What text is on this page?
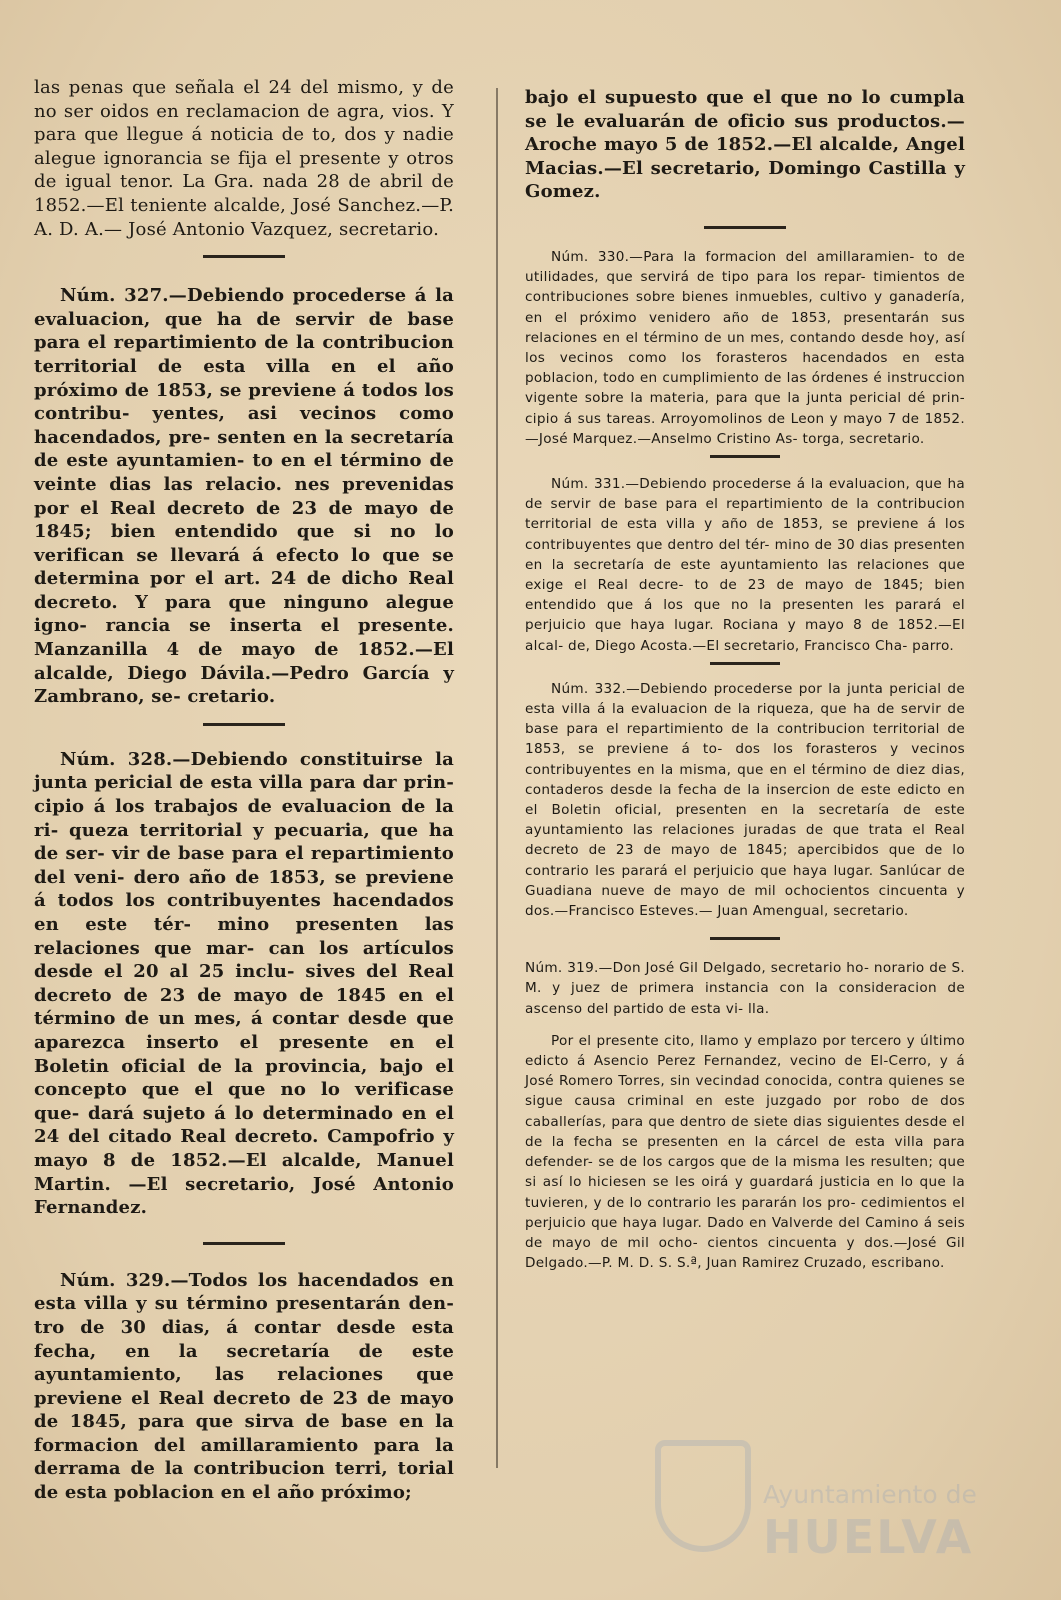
las penas que señala el 24 del mismo, y de no ser oidos en reclamacion de agra, vios. Y para que llegue á noticia de to, dos y nadie alegue ignorancia se fija el presente y otros de igual tenor. La Gra. nada 28 de abril de 1852.—El teniente alcalde, José Sanchez.—P. A. D. A.— José Antonio Vazquez, secretario.

Núm. 327.—Debiendo procederse á la evaluacion, que ha de servir de base para el repartimiento de la contribucion territorial de esta villa en el año próximo de 1853, se previene á todos los contribu- yentes, asi vecinos como hacendados, pre- senten en la secretaría de este ayuntamien- to en el término de veinte dias las relacio. nes prevenidas por el Real decreto de 23 de mayo de 1845; bien entendido que si no lo verifican se llevará á efecto lo que se determina por el art. 24 de dicho Real decreto. Y para que ninguno alegue igno- rancia se inserta el presente. Manzanilla 4 de mayo de 1852.—El alcalde, Diego Dávila.—Pedro García y Zambrano, se- cretario.

Núm. 328.—Debiendo constituirse la junta pericial de esta villa para dar prin- cipio á los trabajos de evaluacion de la ri- queza territorial y pecuaria, que ha de ser- vir de base para el repartimiento del veni- dero año de 1853, se previene á todos los contribuyentes hacendados en este tér- mino presenten las relaciones que mar- can los artículos desde el 20 al 25 inclu- sives del Real decreto de 23 de mayo de 1845 en el término de un mes, á contar desde que aparezca inserto el presente en el Boletin oficial de la provincia, bajo el concepto que el que no lo verificase que- dará sujeto á lo determinado en el 24 del citado Real decreto. Campofrio y mayo 8 de 1852.—El alcalde, Manuel Martin. —El secretario, José Antonio Fernandez.

Núm. 329.—Todos los hacendados en esta villa y su término presentarán den- tro de 30 dias, á contar desde esta fecha, en la secretaría de este ayuntamiento, las relaciones que previene el Real decreto de 23 de mayo de 1845, para que sirva de base en la formacion del amillaramiento para la derrama de la contribucion terri, torial de esta poblacion en el año próximo;

bajo el supuesto que el que no lo cumpla se le evaluarán de oficio sus productos.— Aroche mayo 5 de 1852.—El alcalde, Angel Macias.—El secretario, Domingo Castilla y Gomez.

Núm. 330.—Para la formacion del amillaramien- to de utilidades, que servirá de tipo para los repar- timientos de contribuciones sobre bienes inmuebles, cultivo y ganadería, en el próximo venidero año de 1853, presentarán sus relaciones en el término de un mes, contando desde hoy, así los vecinos como los forasteros hacendados en esta poblacion, todo en cumplimiento de las órdenes é instruccion vigente sobre la materia, para que la junta pericial dé prin- cipio á sus tareas. Arroyomolinos de Leon y mayo 7 de 1852.—José Marquez.—Anselmo Cristino As- torga, secretario.

Núm. 331.—Debiendo procederse á la evaluacion, que ha de servir de base para el repartimiento de la contribucion territorial de esta villa y año de 1853, se previene á los contribuyentes que dentro del tér- mino de 30 dias presenten en la secretaría de este ayuntamiento las relaciones que exige el Real decre- to de 23 de mayo de 1845; bien entendido que á los que no la presenten les parará el perjuicio que haya lugar. Rociana y mayo 8 de 1852.—El alcal- de, Diego Acosta.—El secretario, Francisco Cha- parro.

Núm. 332.—Debiendo procederse por la junta pericial de esta villa á la evaluacion de la riqueza, que ha de servir de base para el repartimiento de la contribucion territorial de 1853, se previene á to- dos los forasteros y vecinos contribuyentes en la misma, que en el término de diez dias, contaderos desde la fecha de la insercion de este edicto en el Boletin oficial, presenten en la secretaría de este ayuntamiento las relaciones juradas de que trata el Real decreto de 23 de mayo de 1845; apercibidos que de lo contrario les parará el perjuicio que haya lugar. Sanlúcar de Guadiana nueve de mayo de mil ochocientos cincuenta y dos.—Francisco Esteves.— Juan Amengual, secretario.

Núm. 319.—Don José Gil Delgado, secretario ho- norario de S. M. y juez de primera instancia con la consideracion de ascenso del partido de esta vi- lla.

Por el presente cito, llamo y emplazo por tercero y último edicto á Asencio Perez Fernandez, vecino de El-Cerro, y á José Romero Torres, sin vecindad conocida, contra quienes se sigue causa criminal en este juzgado por robo de dos caballerías, para que dentro de siete dias siguientes desde el de la fecha se presenten en la cárcel de esta villa para defender- se de los cargos que de la misma les resulten; que si así lo hiciesen se les oirá y guardará justicia en lo que la tuvieren, y de lo contrario les pararán los pro- cedimientos el perjuicio que haya lugar. Dado en Valverde del Camino á seis de mayo de mil ocho- cientos cincuenta y dos.—José Gil Delgado.—P. M. D. S. S.ª, Juan Ramirez Cruzado, escribano.

Ayuntamiento de
HUELVA
